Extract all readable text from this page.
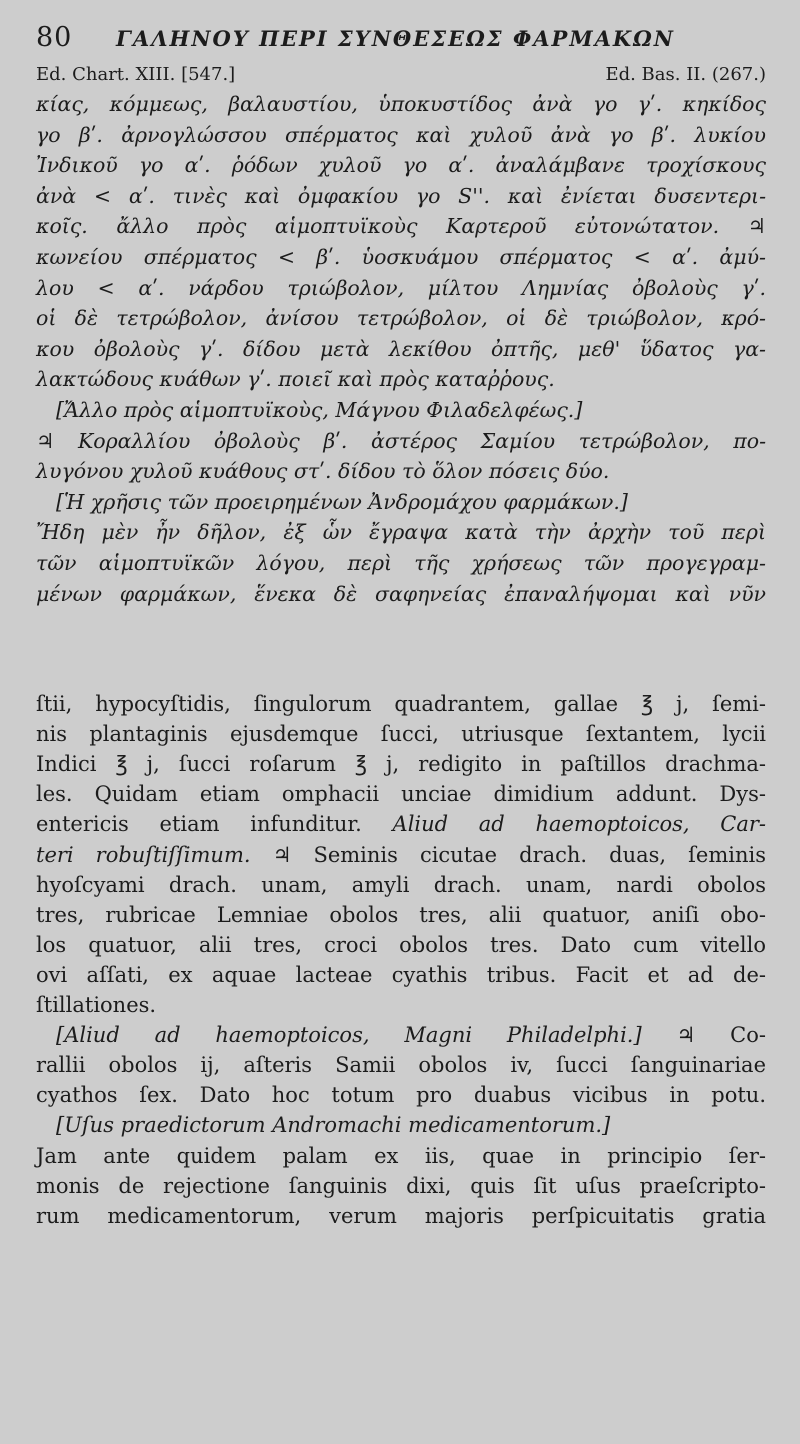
80	ΓΑΛΗΝΟΥ ΠΕΡΙ ΣΥΝΘΕΣΕΩΣ ΦΑΡΜΑΚΩΝ
Ed. Chart. XIII. [547.]	Ed. Bas. II. (267.)
κίας, κόμμεως, βαλαυστίου, ὑποκυστίδος ἀνὰ γο γʹ. κηκίδος
γο βʹ. ἀρνογλώσσου σπέρματος καὶ χυλοῦ ἀνὰ γο βʹ. λυκίου
Ἰνδικοῦ γο αʹ. ῥόδων χυλοῦ γο αʹ. ἀναλάμβανε τροχίσκους
ἀνὰ < αʹ. τινὲς καὶ ὀμφακίου γο S''. καὶ ἐνίεται δυσεντερι-
κοῖς. ἄλλο πρὸς αἱμοπτυϊκοὺς Καρτεροῦ εὐτονώτατον. ♃
κωνείου σπέρματος < βʹ. ὑοσκυάμου σπέρματος < αʹ. ἀμύ-
λου < αʹ. νάρδου τριώβολον, μίλτου Λημνίας ὀβολοὺς γʹ.
οἱ δὲ τετρώβολον, ἀνίσου τετρώβολον, οἱ δὲ τριώβολον, κρό-
κου ὀβολοὺς γʹ. δίδου μετὰ λεκίθου ὀπτῆς, μεθ' ὕδατος γα-
λακτώδους κυάθων γʹ. ποιεῖ καὶ πρὸς καταῤῥους.
[Ἄλλο πρὸς αἱμοπτυϊκοὺς, Μάγνου Φιλαδελφέως.]
♃ Κοραλλίου ὀβολοὺς βʹ. ἀστέρος Σαμίου τετρώβολον, πο-
λυγόνου χυλοῦ κυάθους στʹ. δίδου τὸ ὅλον πόσεις δύο.
[Ἡ χρῆσις τῶν προειρημένων Ἀνδρομάχου φαρμάκων.]
Ἤδη μὲν ἦν δῆλον, ἐξ ὧν ἔγραψα κατὰ τὴν ἀρχὴν τοῦ περὶ
τῶν αἱμοπτυϊκῶν λόγου, περὶ τῆς χρήσεως τῶν προγεγραμ-
μένων φαρμάκων, ἕνεκα δὲ σαφηνείας ἐπαναλήψομαι καὶ νῦν
ſtii, hypocyſtidis, ſingulorum quadrantem, gallae ℥ j, ſemi-
nis plantaginis ejusdemque ſucci, utriusque ſextantem, lycii
Indici ℥ j, ſucci roſarum ℥ j, redigito in paſtillos drachma-
les. Quidam etiam omphacii unciae dimidium addunt. Dys-
entericis etiam infunditur. Aliud ad haemoptoicos, Car-
teri robuſtiſſimum. ♃ Seminis cicutae drach. duas, ſeminis
hyoſcyami drach. unam, amyli drach. unam, nardi obolos
tres, rubricae Lemniae obolos tres, alii quatuor, aniſi obo-
los quatuor, alii tres, croci obolos tres. Dato cum vitello
ovi aſſati, ex aquae lacteae cyathis tribus. Facit et ad de-
ſtillationes.
[Aliud ad haemoptoicos, Magni Philadelphi.] ♃ Co-
rallii obolos ij, aſteris Samii obolos iv, ſucci ſanguinariae
cyathos ſex. Dato hoc totum pro duabus vicibus in potu.
[Uſus praedictorum Andromachi medicamentorum.]
Jam ante quidem palam ex iis, quae in principio ſer-
monis de rejectione ſanguinis dixi, quis ſit uſus praeſcripto-
rum medicamentorum, verum majoris perſpicuitatis gratia
